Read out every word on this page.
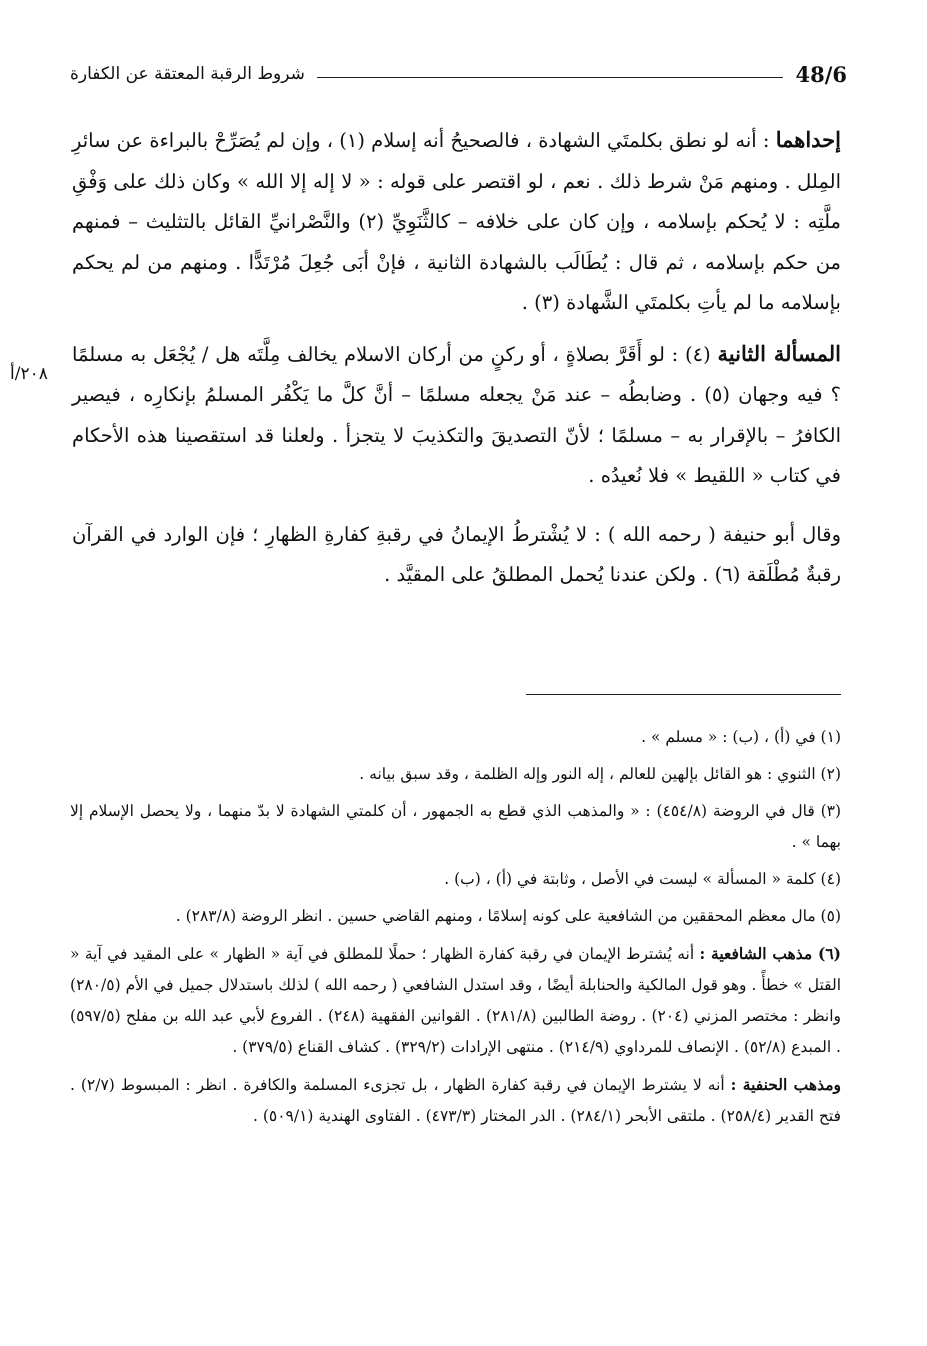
48/6
شروط الرقبة المعتقة عن الكفارة
٢٠٨/أ

إحداهما : أنه لو نطق بكلمتَي الشهادة ، فالصحيحُ أنه إسلام (١) ، وإن لم يُصَرِّحْ بالبراءة عن سائرِ المِلل . ومنهم مَنْ شرط ذلك . نعم ، لو اقتصر على قوله : « لا إله إلا الله » وكان ذلك على وَفْقِ ملَّتِه : لا يُحكم بإسلامه ، وإن كان على خلافه – كالثَّنَوِيِّ (٢) والنَّصْرانيِّ القائل بالتثليث – فمنهم من حكم بإسلامه ، ثم قال : يُطَالَب بالشهادة الثانية ، فإنْ أبَى جُعِلَ مُرْتَدًّا . ومنهم من لم يحكم بإسلامه ما لم يأتِ بكلمتَي الشَّهادة (٣) .

المسألة الثانية (٤) : لو أَقَرَّ بصلاةٍ ، أو ركنٍ من أركان الاسلام يخالف مِلَّتَه هل / يُجْعَل به مسلمًا ؟ فيه وجهان (٥) . وضابطُه – عند مَنْ يجعله مسلمًا – أنَّ كلَّ ما يَكْفُر المسلمُ بإنكارِه ، فيصير الكافرُ – بالإقرار به – مسلمًا ؛ لأنّ التصديقَ والتكذيبَ لا يتجزأ . ولعلنا قد استقصينا هذه الأحكام في كتاب « اللقيط » فلا نُعيدُه .

وقال أبو حنيفة ( رحمه الله ) : لا يُشْترطُ الإيمانُ في رقبةِ كفارةِ الظهارِ ؛ فإن الوارد في القرآن رقبةٌ مُطْلَقة (٦) . ولكن عندنا يُحمل المطلقُ على المقيَّد .

(١) في (أ) ، (ب) : « مسلم » .

(٢) الثنوي : هو القائل بإلهين للعالم ، إله النور وإله الظلمة ، وقد سبق بيانه .

(٣) قال في الروضة (٤٥٤/٨) : « والمذهب الذي قطع به الجمهور ، أن كلمتي الشهادة لا بدّ منهما ، ولا يحصل الإسلام إلا بهما » .

(٤) كلمة « المسألة » ليست في الأصل ، وثابتة في (أ) ، (ب) .

(٥) مال معظم المحققين من الشافعية على كونه إسلامًا ، ومنهم القاضي حسين . انظر الروضة (٢٨٣/٨) .

(٦) مذهب الشافعية : أنه يُشترط الإيمان في رقبة كفارة الظهار ؛ حملًا للمطلق في آية « الظهار » على المقيد في آية « القتل » خطأً . وهو قول المالكية والحنابلة أيضًا ، وقد استدل الشافعي ( رحمه الله ) لذلك باستدلال جميل في الأم (٢٨٠/٥) وانظر : مختصر المزني (٢٠٤) . روضة الطالبين (٢٨١/٨) . القوانين الفقهية (٢٤٨) . الفروع لأبي عبد الله بن مفلح (٥٩٧/٥) . المبدع (٥٢/٨) . الإنصاف للمرداوي (٢١٤/٩) . منتهى الإرادات (٣٢٩/٢) . كشاف القناع (٣٧٩/٥) .

ومذهب الحنفية : أنه لا يشترط الإيمان في رقبة كفارة الظهار ، بل تجزىء المسلمة والكافرة . انظر : المبسوط (٢/٧) . فتح القدير (٢٥٨/٤) . ملتقى الأبحر (٢٨٤/١) . الدر المختار (٤٧٣/٣) . الفتاوى الهندية (٥٠٩/١) .
